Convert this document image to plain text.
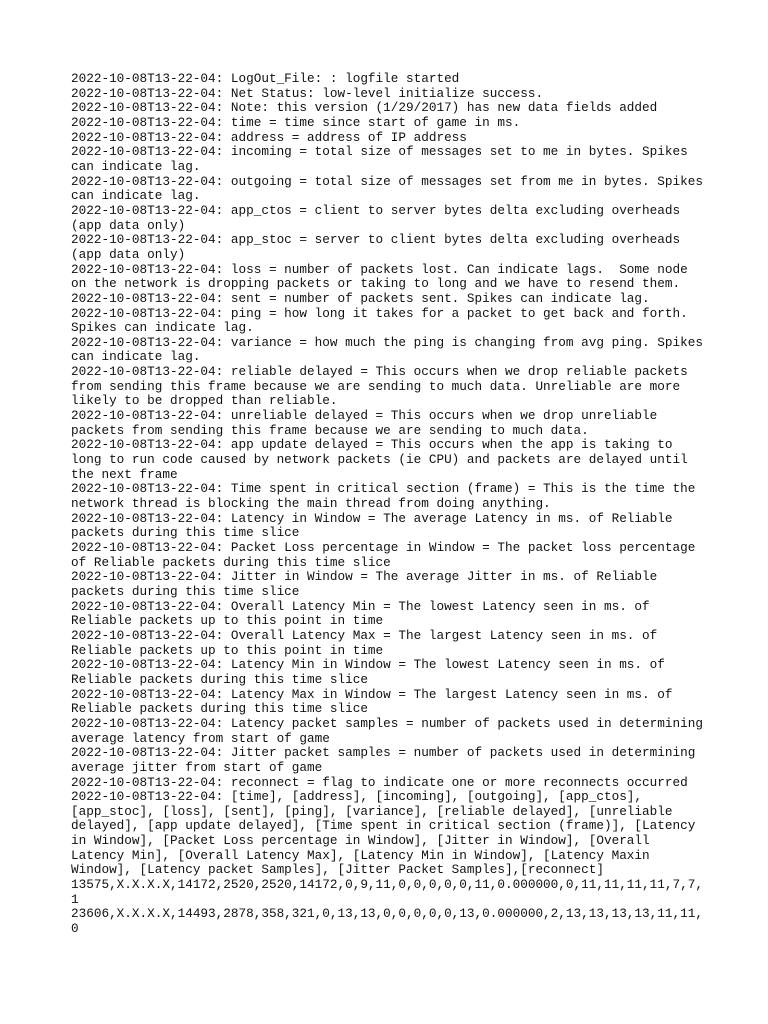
2022-10-08T13-22-04: LogOut_File: : logfile started
2022-10-08T13-22-04: Net Status: low-level initialize success.
2022-10-08T13-22-04: Note: this version (1/29/2017) has new data fields added
2022-10-08T13-22-04: time = time since start of game in ms.
2022-10-08T13-22-04: address = address of IP address
2022-10-08T13-22-04: incoming = total size of messages set to me in bytes. Spikes
can indicate lag.
2022-10-08T13-22-04: outgoing = total size of messages set from me in bytes. Spikes
can indicate lag.
2022-10-08T13-22-04: app_ctos = client to server bytes delta excluding overheads
(app data only)
2022-10-08T13-22-04: app_stoc = server to client bytes delta excluding overheads
(app data only)
2022-10-08T13-22-04: loss = number of packets lost. Can indicate lags.  Some node
on the network is dropping packets or taking to long and we have to resend them.
2022-10-08T13-22-04: sent = number of packets sent. Spikes can indicate lag.
2022-10-08T13-22-04: ping = how long it takes for a packet to get back and forth.
Spikes can indicate lag.
2022-10-08T13-22-04: variance = how much the ping is changing from avg ping. Spikes
can indicate lag.
2022-10-08T13-22-04: reliable delayed = This occurs when we drop reliable packets
from sending this frame because we are sending to much data. Unreliable are more
likely to be dropped than reliable.
2022-10-08T13-22-04: unreliable delayed = This occurs when we drop unreliable
packets from sending this frame because we are sending to much data.
2022-10-08T13-22-04: app update delayed = This occurs when the app is taking to
long to run code caused by network packets (ie CPU) and packets are delayed until
the next frame
2022-10-08T13-22-04: Time spent in critical section (frame) = This is the time the
network thread is blocking the main thread from doing anything.
2022-10-08T13-22-04: Latency in Window = The average Latency in ms. of Reliable
packets during this time slice
2022-10-08T13-22-04: Packet Loss percentage in Window = The packet loss percentage
of Reliable packets during this time slice
2022-10-08T13-22-04: Jitter in Window = The average Jitter in ms. of Reliable
packets during this time slice
2022-10-08T13-22-04: Overall Latency Min = The lowest Latency seen in ms. of
Reliable packets up to this point in time
2022-10-08T13-22-04: Overall Latency Max = The largest Latency seen in ms. of
Reliable packets up to this point in time
2022-10-08T13-22-04: Latency Min in Window = The lowest Latency seen in ms. of
Reliable packets during this time slice
2022-10-08T13-22-04: Latency Max in Window = The largest Latency seen in ms. of
Reliable packets during this time slice
2022-10-08T13-22-04: Latency packet samples = number of packets used in determining
average latency from start of game
2022-10-08T13-22-04: Jitter packet samples = number of packets used in determining
average jitter from start of game
2022-10-08T13-22-04: reconnect = flag to indicate one or more reconnects occurred
2022-10-08T13-22-04: [time], [address], [incoming], [outgoing], [app_ctos],
[app_stoc], [loss], [sent], [ping], [variance], [reliable delayed], [unreliable
delayed], [app update delayed], [Time spent in critical section (frame)], [Latency
in Window], [Packet Loss percentage in Window], [Jitter in Window], [Overall
Latency Min], [Overall Latency Max], [Latency Min in Window], [Latency Maxin
Window], [Latency packet Samples], [Jitter Packet Samples],[reconnect]
13575,X.X.X.X,14172,2520,2520,14172,0,9,11,0,0,0,0,0,11,0.000000,0,11,11,11,11,7,7,
1
23606,X.X.X.X,14493,2878,358,321,0,13,13,0,0,0,0,0,13,0.000000,2,13,13,13,13,11,11,
0
